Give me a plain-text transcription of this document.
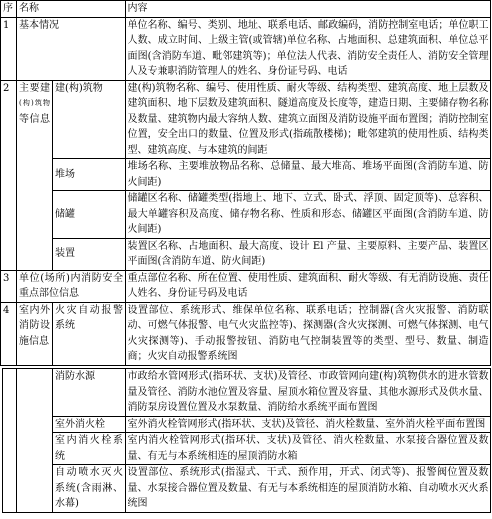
序	名称		内容

1	基本情况		单位名称、编号、类别、地址、联系电话、邮政编码，消防控制室电话；单位职工人数、成立时间、上级主管(或管辖)单位名称、占地面积、总建筑面积、单位总平面图(含消防车道、毗邻建筑等)；单位法人代表、消防安全责任人、消防安全管理人及专兼职消防管理人的姓名、身份证号码、电话

2	主要建
(构)筑物
等信息	建(构)筑物	建(构)筑物名称、编号、使用性质、耐火等级、结构类型、建筑高度、地上层数及建筑面积、地下层数及建筑面积、隧道高度及长度等，建造日期、主要储存物名称及数量、建筑物内最大容纳人数、建筑立面图及消防设施平面布置图；消防控制室位置，安全出口的数量、位置及形式(指疏散楼梯)；毗邻建筑的使用性质、结构类型、建筑高度、与本建筑的间距

		堆场	堆场名称、主要堆放物品名称、总储量、最大堆高、堆场平面图(含消防车道、防火间距)

		储罐	储罐区名称、储罐类型(指地上、地下、立式、卧式、浮顶、固定顶等)、总容积、最大单罐容积及高度、储存物名称、性质和形态、储罐区平面图(含消防车道、防火间距)

		装置	装置区名称、占地面积、最大高度、设计 El 产量、主要原料、主要产品、装置区平面图(含消防车道、防火间距)

3	单位(场所)内消防安全重点部位信息		重点部位名称、所在位置、使用性质、建筑面积、耐火等级、有无消防设施、责任人姓名、身份证号码及电话

4	室内外消防设施信息	火灾自动报警系统	设置部位、系统形式、维保单位名称、联系电话；控制器(含火灾报警、消防联动、可燃气体报警、电气火灾监控等)、探测器(含火灾探测、可燃气体探测、电气火灾探测等)、手动报警按钮、消防电气控制装置等的类型、型号、数量、制造商；火灾自动报警系统图
		消防水源	市政给水管网形式(指环状、支状)及管径、市政管网向建(构)筑物供水的进水管数量及管径、消防水池位置及容量、屋顶水箱位置及容量、其他水源形式及供水量、消防泵房设置位置及水泵数量、消防给水系统平面布置图

		室外消火栓	室外消火栓管网形式(指环状、支状)及管径、消火栓数量、室外消火栓平面布置图

		室内消火栓系统	室内消火栓管网形式(指环状、支状)及管径、消火栓数量、水泵接合器位置及数量、有无与本系统相连的屋顶消防水箱

		自动喷水灭火系统(含雨淋、水幕)	设置部位、系统形式(指湿式、干式、预作用，开式、闭式等)、报警阀位置及数量、水泵接合器位置及数量、有无与本系统相连的屋顶消防水箱、自动喷水灭火系统图
